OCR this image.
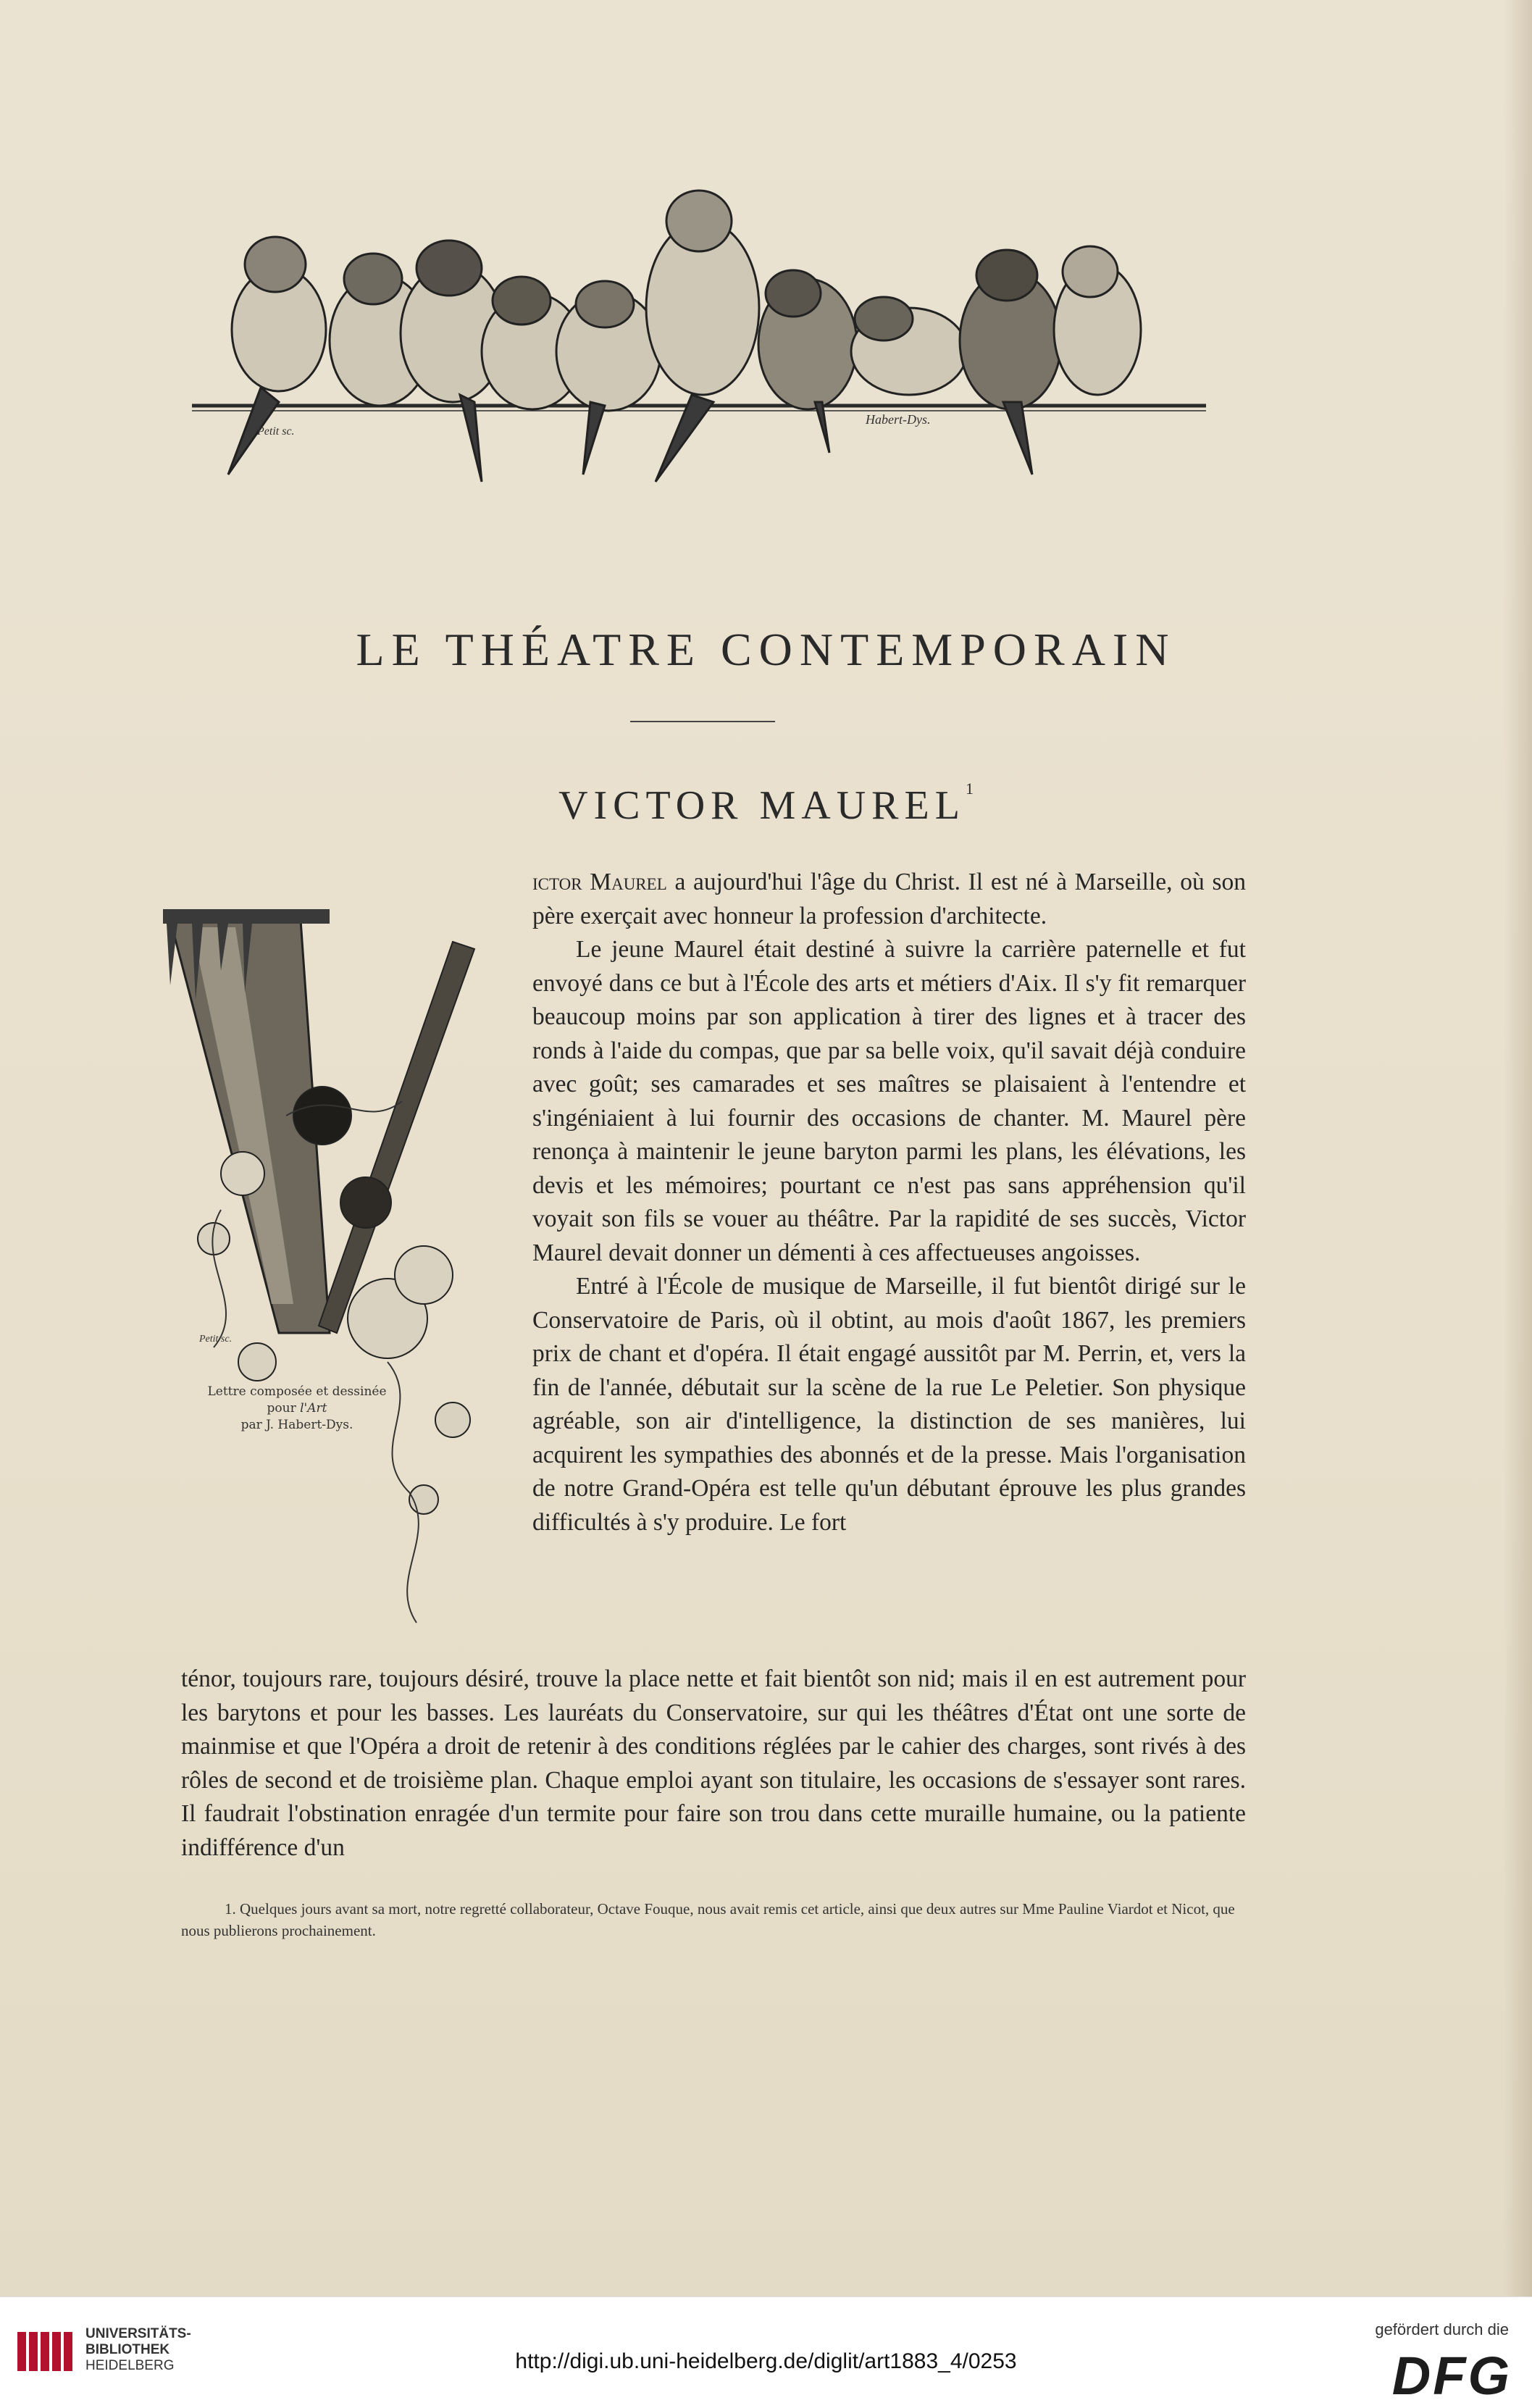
Petit sc.
Habert-Dys.
LE THÉATRE CONTEMPORAIN
VICTOR MAUREL$^1$
Petit sc.
Lettre composée et dessinée
pour l'Art
par J. Habert-Dys.

ictor Maurel a aujourd'hui l'âge du Christ. Il est né à Marseille, où son père exerçait avec honneur la profession d'architecte.

Le jeune Maurel était destiné à suivre la carrière paternelle et fut envoyé dans ce but à l'École des arts et métiers d'Aix. Il s'y fit remarquer beaucoup moins par son application à tirer des lignes et à tracer des ronds à l'aide du compas, que par sa belle voix, qu'il savait déjà conduire avec goût; ses camarades et ses maîtres se plaisaient à l'entendre et s'ingéniaient à lui fournir des occasions de chanter. M. Maurel père renonça à maintenir le jeune baryton parmi les plans, les élévations, les devis et les mémoires; pourtant ce n'est pas sans appréhension qu'il voyait son fils se vouer au théâtre. Par la rapidité de ses succès, Victor Maurel devait donner un démenti à ces affectueuses angoisses.

Entré à l'École de musique de Marseille, il fut bientôt dirigé sur le Conservatoire de Paris, où il obtint, au mois d'août 1867, les premiers prix de chant et d'opéra. Il était engagé aussitôt par M. Perrin, et, vers la fin de l'année, débutait sur la scène de la rue Le Peletier. Son physique agréable, son air d'intelligence, la distinction de ses manières, lui acquirent les sympathies des abonnés et de la presse. Mais l'organisation de notre Grand-Opéra est telle qu'un débutant éprouve les plus grandes difficultés à s'y produire. Le fort

ténor, toujours rare, toujours désiré, trouve la place nette et fait bientôt son nid; mais il en est autrement pour les barytons et pour les basses. Les lauréats du Conservatoire, sur qui les théâtres d'État ont une sorte de mainmise et que l'Opéra a droit de retenir à des conditions réglées par le cahier des charges, sont rivés à des rôles de second et de troisième plan. Chaque emploi ayant son titulaire, les occasions de s'essayer sont rares. Il faudrait l'obstination enragée d'un termite pour faire son trou dans cette muraille humaine, ou la patiente indifférence d'un

1. Quelques jours avant sa mort, notre regretté collaborateur, Octave Fouque, nous avait remis cet article, ainsi que deux autres sur Mme Pauline Viardot et Nicot, que nous publierons prochainement.

UNIVERSITÄTS-
BIBLIOTHEK
HEIDELBERG	http://digi.ub.uni-heidelberg.de/diglit/art1883_4/0253
gefördert durch die
DFG
